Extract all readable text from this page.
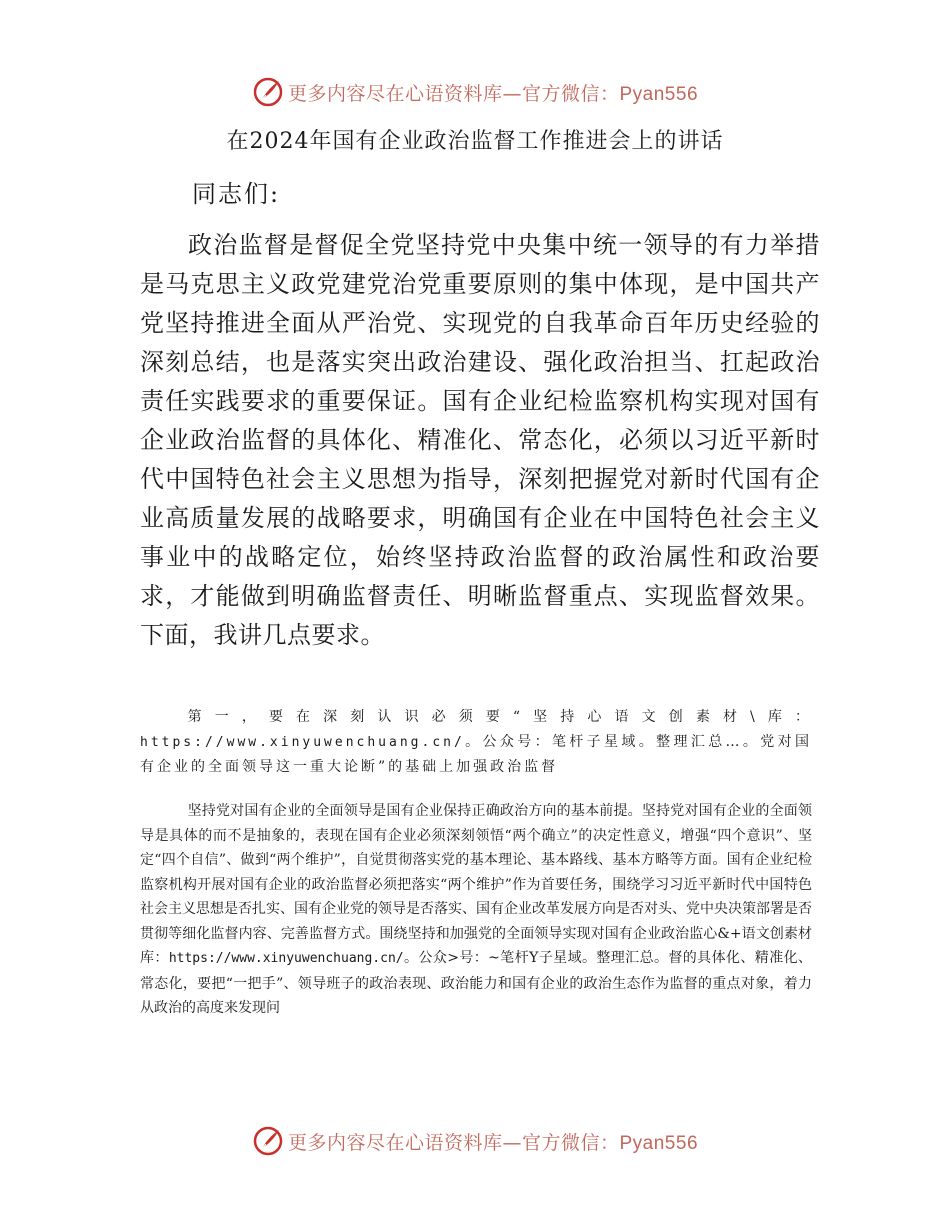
更多内容尽在心语资料库—官方微信：Pyan556
在2024年国有企业政治监督工作推进会上的讲话
同志们:

政治监督是督促全党坚持党中央集中统一领导的有力举措是马克思主义政党建党治党重要原则的集中体现，是中国共产党坚持推进全面从严治党、实现党的自我革命百年历史经验的深刻总结，也是落实突出政治建设、强化政治担当、扛起政治责任实践要求的重要保证。国有企业纪检监察机构实现对国有企业政治监督的具体化、精准化、常态化，必须以习近平新时代中国特色社会主义思想为指导，深刻把握党对新时代国有企业高质量发展的战略要求，明确国有企业在中国特色社会主义事业中的战略定位，始终坚持政治监督的政治属性和政治要求，才能做到明确监督责任、明晰监督重点、实现监督效果。下面，我讲几点要求。

第一，要在深刻认识必须要“坚持心语文创素材\库： https://www.xinyuwenchuang.cn/。公众号：笔杆子星域。整理汇总…。党对国有企业的全面领导这一重大论断”的基础上加强政治监督

坚持党对国有企业的全面领导是国有企业保持正确政治方向的基本前提。坚持党对国有企业的全面领导是具体的而不是抽象的，表现在国有企业必须深刻领悟“两个确立”的决定性意义，增强“四个意识”、坚定“四个自信”、做到“两个维护”，自觉贯彻落实党的基本理论、基本路线、基本方略等方面。国有企业纪检监察机构开展对国有企业的政治监督必须把落实“两个维护”作为首要任务，围绕学习习近平新时代中国特色社会主义思想是否扎实、国有企业党的领导是否落实、国有企业改革发展方向是否对头、党中央决策部署是否贯彻等细化监督内容、完善监督方式。围绕坚持和加强党的全面领导实现对国有企业政治监心&+语文创素材库：https://www.xinyuwenchuang.cn/。公众>号：~笔杆Y子星域。整理汇总。督的具体化、精准化、常态化，要把“一把手”、领导班子的政治表现、政治能力和国有企业的政治生态作为监督的重点对象，着力从政治的高度来发现问

更多内容尽在心语资料库—官方微信：Pyan556
